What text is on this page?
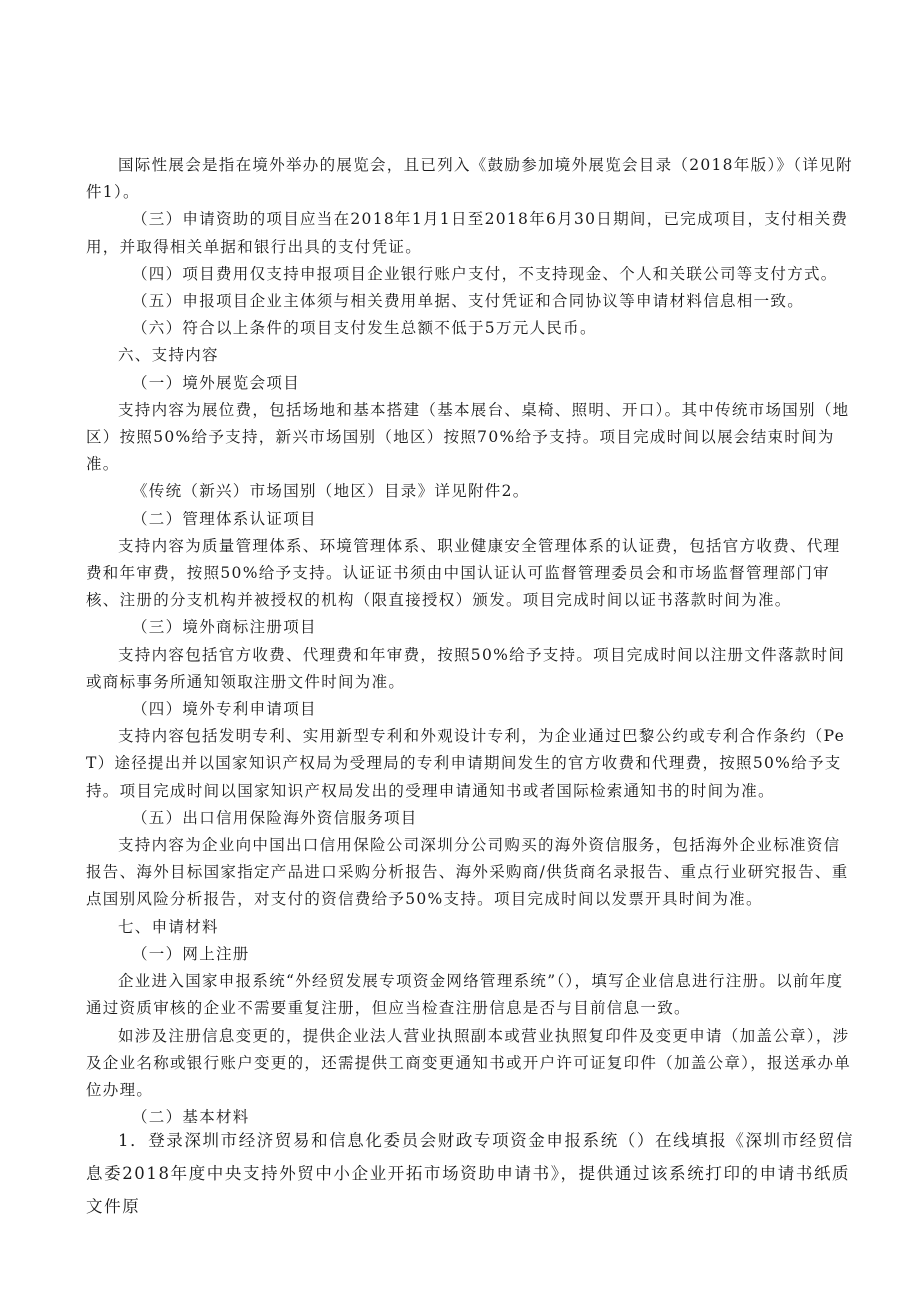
国际性展会是指在境外举办的展览会，且已列入《鼓励参加境外展览会目录（2018年版）》（详见附件1）。

（三）申请资助的项目应当在2018年1月1日至2018年6月30日期间，已完成项目，支付相关费用，并取得相关单据和银行出具的支付凭证。

（四）项目费用仅支持申报项目企业银行账户支付，不支持现金、个人和关联公司等支付方式。

（五）申报项目企业主体须与相关费用单据、支付凭证和合同协议等申请材料信息相一致。

（六）符合以上条件的项目支付发生总额不低于5万元人民币。

六、支持内容

（一）境外展览会项目

支持内容为展位费，包括场地和基本搭建（基本展台、桌椅、照明、开口）。其中传统市场国别（地区）按照50%给予支持，新兴市场国别（地区）按照70%给予支持。项目完成时间以展会结束时间为准。

《传统（新兴）市场国别（地区）目录》详见附件2。

（二）管理体系认证项目

支持内容为质量管理体系、环境管理体系、职业健康安全管理体系的认证费，包括官方收费、代理费和年审费，按照50%给予支持。认证证书须由中国认证认可监督管理委员会和市场监督管理部门审核、注册的分支机构并被授权的机构（限直接授权）颁发。项目完成时间以证书落款时间为准。

（三）境外商标注册项目

支持内容包括官方收费、代理费和年审费，按照50%给予支持。项目完成时间以注册文件落款时间或商标事务所通知领取注册文件时间为准。

（四）境外专利申请项目

支持内容包括发明专利、实用新型专利和外观设计专利，为企业通过巴黎公约或专利合作条约（PeT）途径提出并以国家知识产权局为受理局的专利申请期间发生的官方收费和代理费，按照50%给予支持。项目完成时间以国家知识产权局发出的受理申请通知书或者国际检索通知书的时间为准。

（五）出口信用保险海外资信服务项目

支持内容为企业向中国出口信用保险公司深圳分公司购买的海外资信服务，包括海外企业标准资信报告、海外目标国家指定产品进口采购分析报告、海外采购商/供货商名录报告、重点行业研究报告、重点国别风险分析报告，对支付的资信费给予50%支持。项目完成时间以发票开具时间为准。

七、申请材料

（一）网上注册

企业进入国家申报系统“外经贸发展专项资金网络管理系统”（），填写企业信息进行注册。以前年度通过资质审核的企业不需要重复注册，但应当检查注册信息是否与目前信息一致。

如涉及注册信息变更的，提供企业法人营业执照副本或营业执照复印件及变更申请（加盖公章），涉及企业名称或银行账户变更的，还需提供工商变更通知书或开户许可证复印件（加盖公章），报送承办单位办理。

（二）基本材料

1．登录深圳市经济贸易和信息化委员会财政专项资金申报系统（）在线填报《深圳市经贸信息委2018年度中央支持外贸中小企业开拓市场资助申请书》，提供通过该系统打印的申请书纸质文件原
